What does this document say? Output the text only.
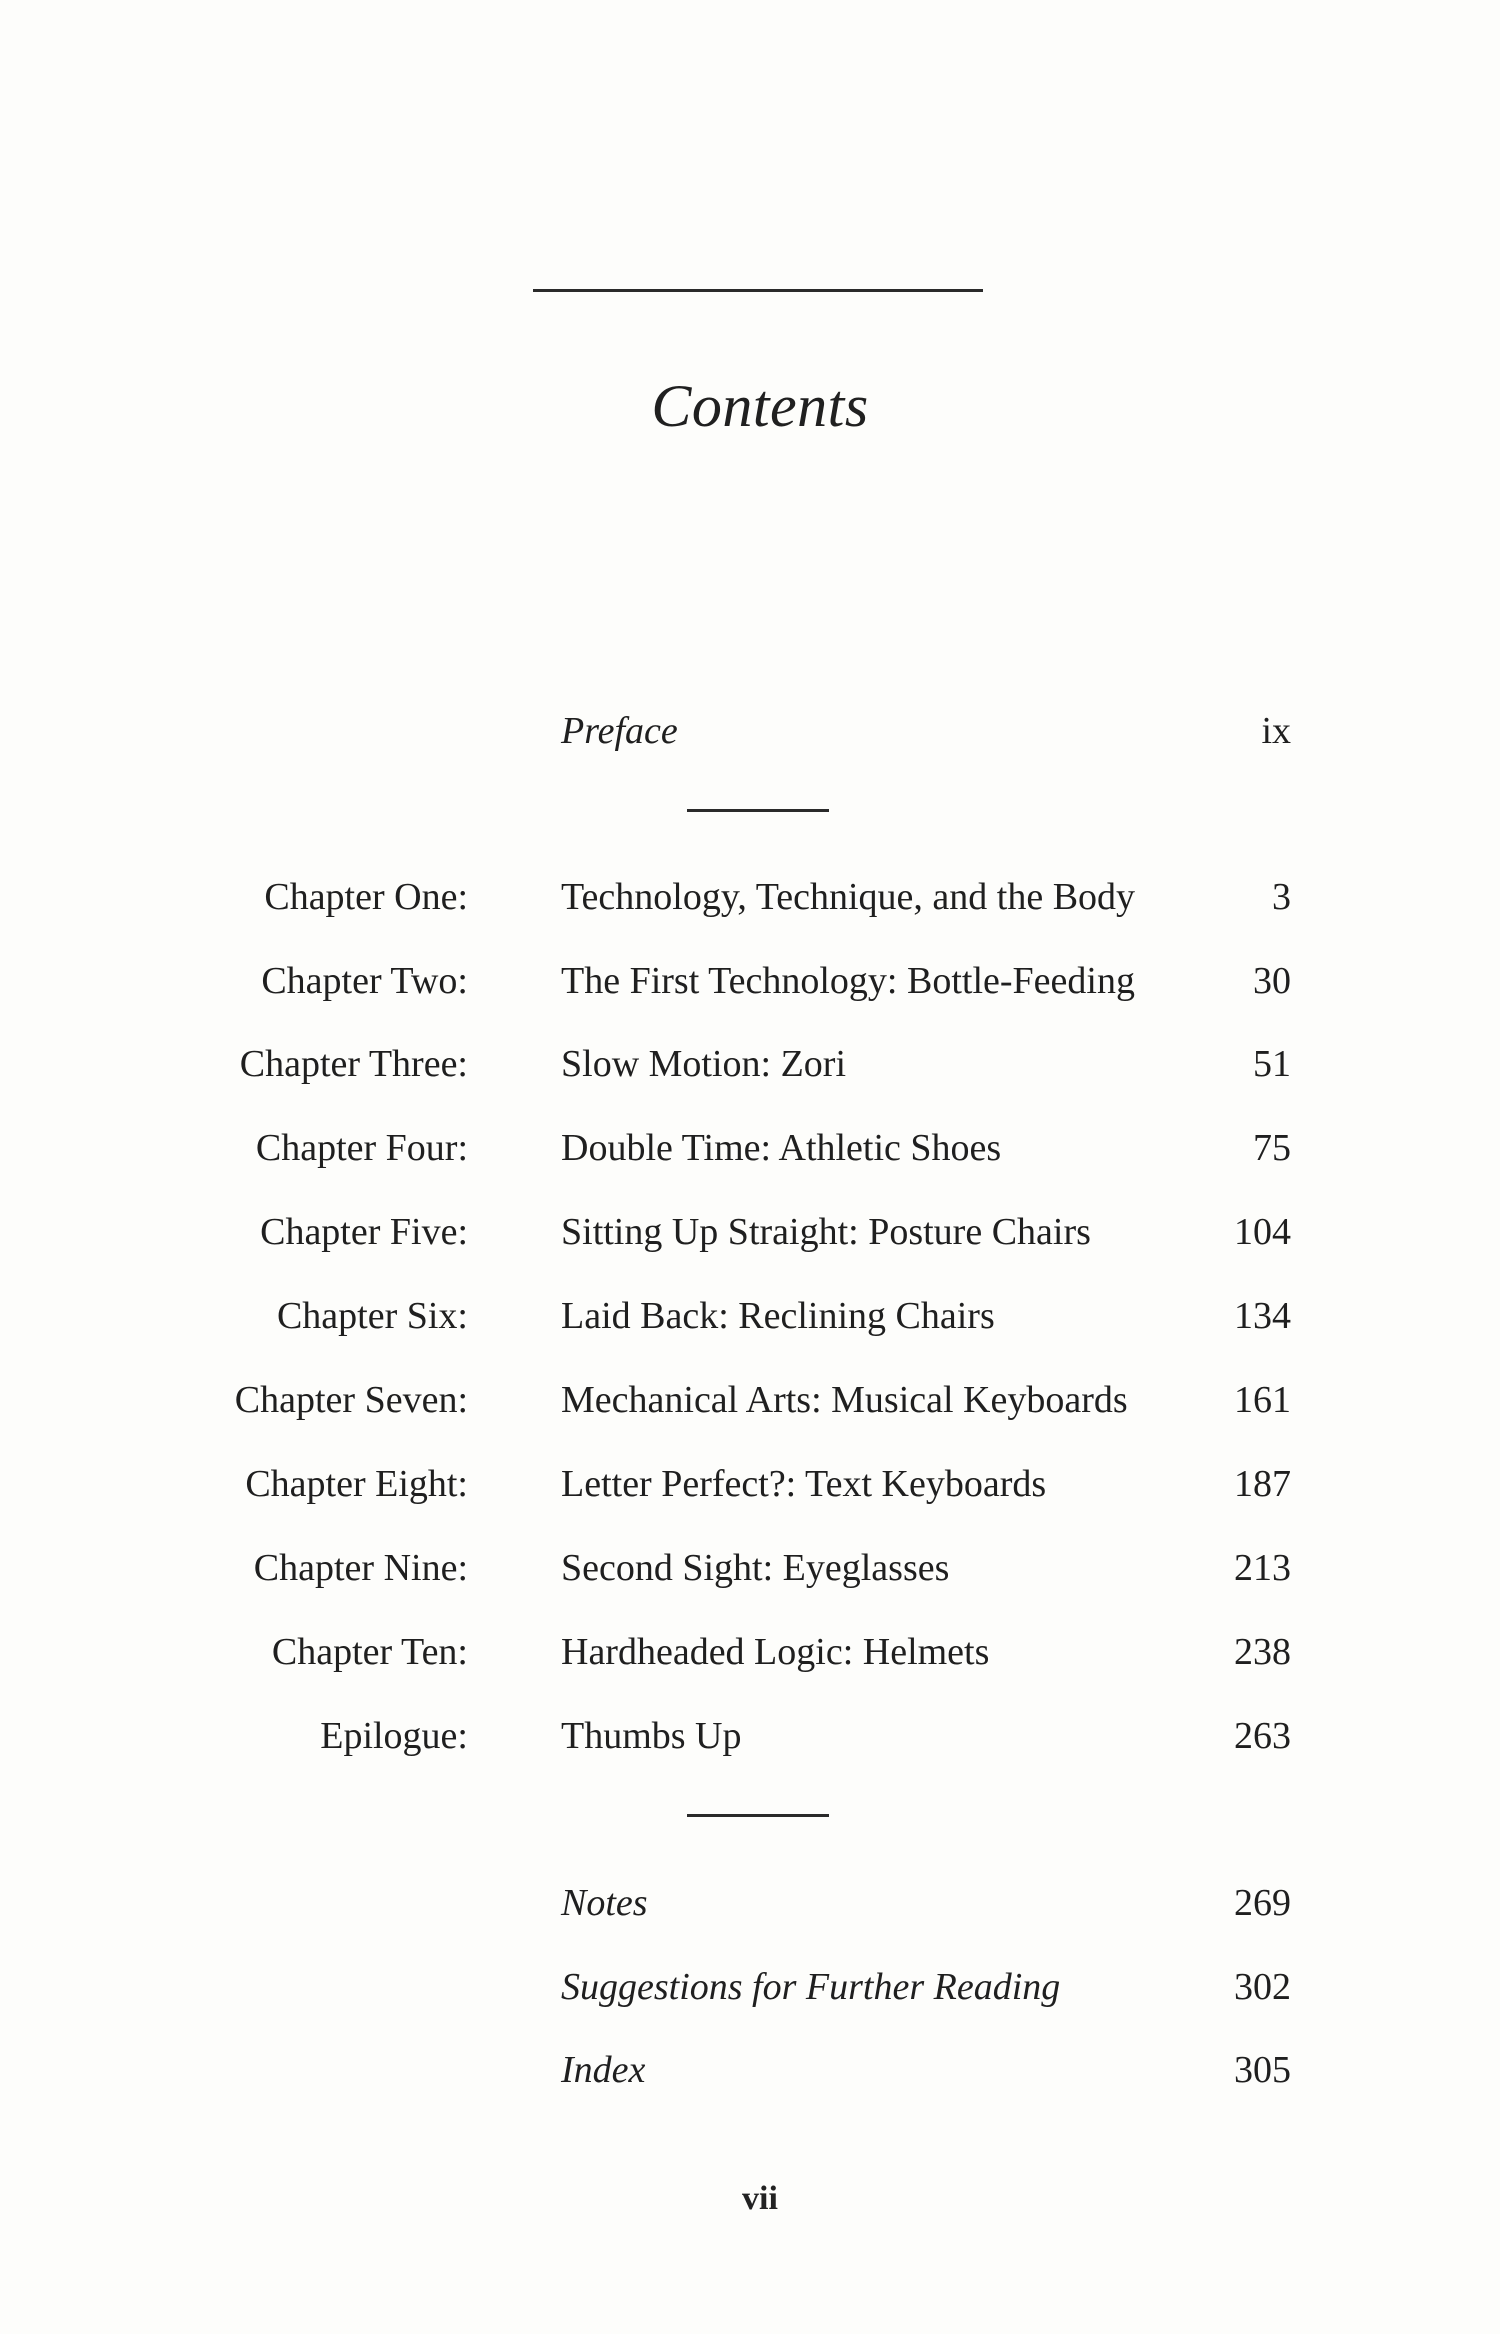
Contents
Preface	ix
Chapter One: Technology, Technique, and the Body	3
Chapter Two: The First Technology: Bottle-Feeding	30
Chapter Three: Slow Motion: Zori	51
Chapter Four: Double Time: Athletic Shoes	75
Chapter Five: Sitting Up Straight: Posture Chairs	104
Chapter Six: Laid Back: Reclining Chairs	134
Chapter Seven: Mechanical Arts: Musical Keyboards	161
Chapter Eight: Letter Perfect?: Text Keyboards	187
Chapter Nine: Second Sight: Eyeglasses	213
Chapter Ten: Hardheaded Logic: Helmets	238
Epilogue: Thumbs Up	263
Notes	269
Suggestions for Further Reading	302
Index	305
vii
